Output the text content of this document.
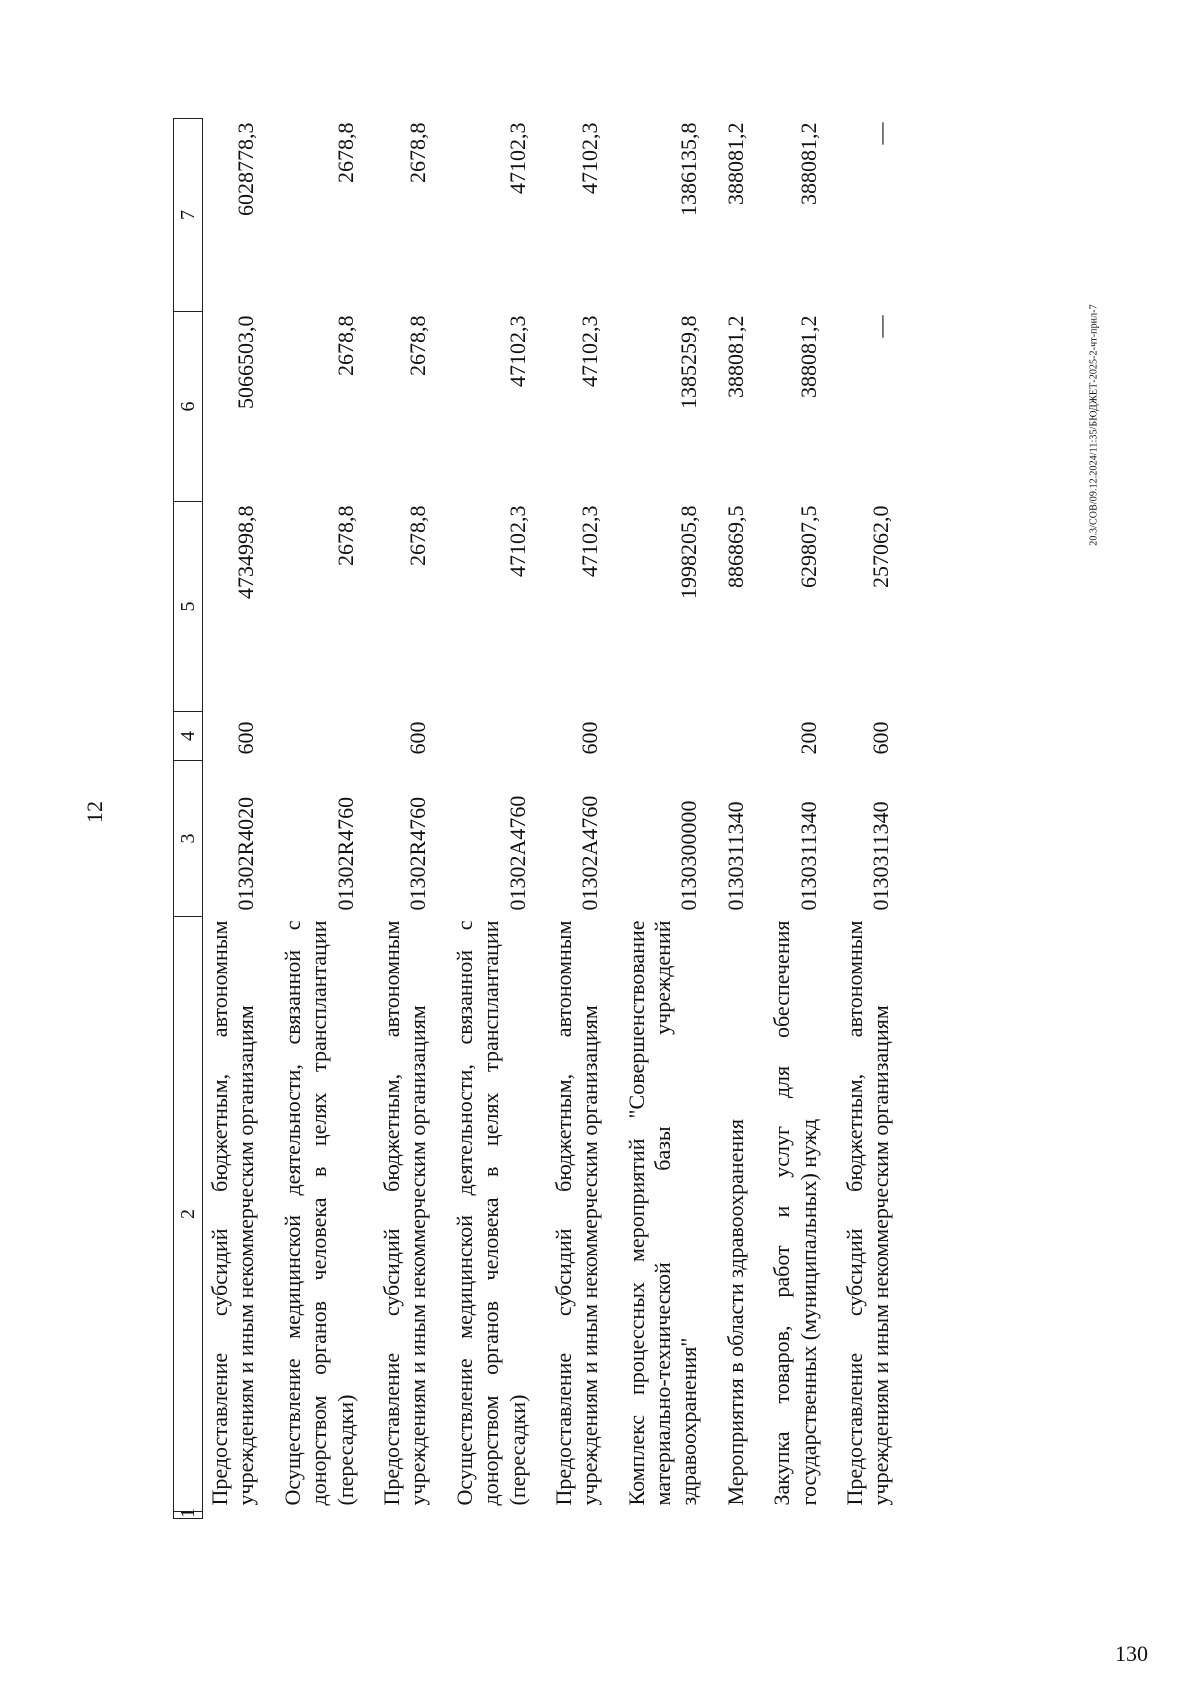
12
20.3/СОВ/09.12.2024/11:35/БЮДЖЕТ-2025-2-чт-прил-7
130
1	2	3	4	5	6	7
	Предоставление субсидий бюджетным, автономным учреждениям и иным некоммерческим организациям	01302R4020	600	4734998,8	5066503,0	6028778,3
	Осуществление медицинской деятельности, связанной с донорством органов человека в целях трансплантации (пересадки)	01302R4760		2678,8	2678,8	2678,8
	Предоставление субсидий бюджетным, автономным учреждениям и иным некоммерческим организациям	01302R4760	600	2678,8	2678,8	2678,8
	Осуществление медицинской деятельности, связанной с донорством органов человека в целях трансплантации (пересадки)	01302A4760		47102,3	47102,3	47102,3
	Предоставление субсидий бюджетным, автономным учреждениям и иным некоммерческим организациям	01302A4760	600	47102,3	47102,3	47102,3
	Комплекс процессных мероприятий "Совершенствование материально-технической базы учреждений здравоохранения"	0130300000		1998205,8	1385259,8	1386135,8
	Мероприятия в области здравоохранения	0130311340		886869,5	388081,2	388081,2
	Закупка товаров, работ и услуг для обеспечения государственных (муниципальных) нужд	0130311340	200	629807,5	388081,2	388081,2
	Предоставление субсидий бюджетным, автономным учреждениям и иным некоммерческим организациям	0130311340	600	257062,0	—	—
